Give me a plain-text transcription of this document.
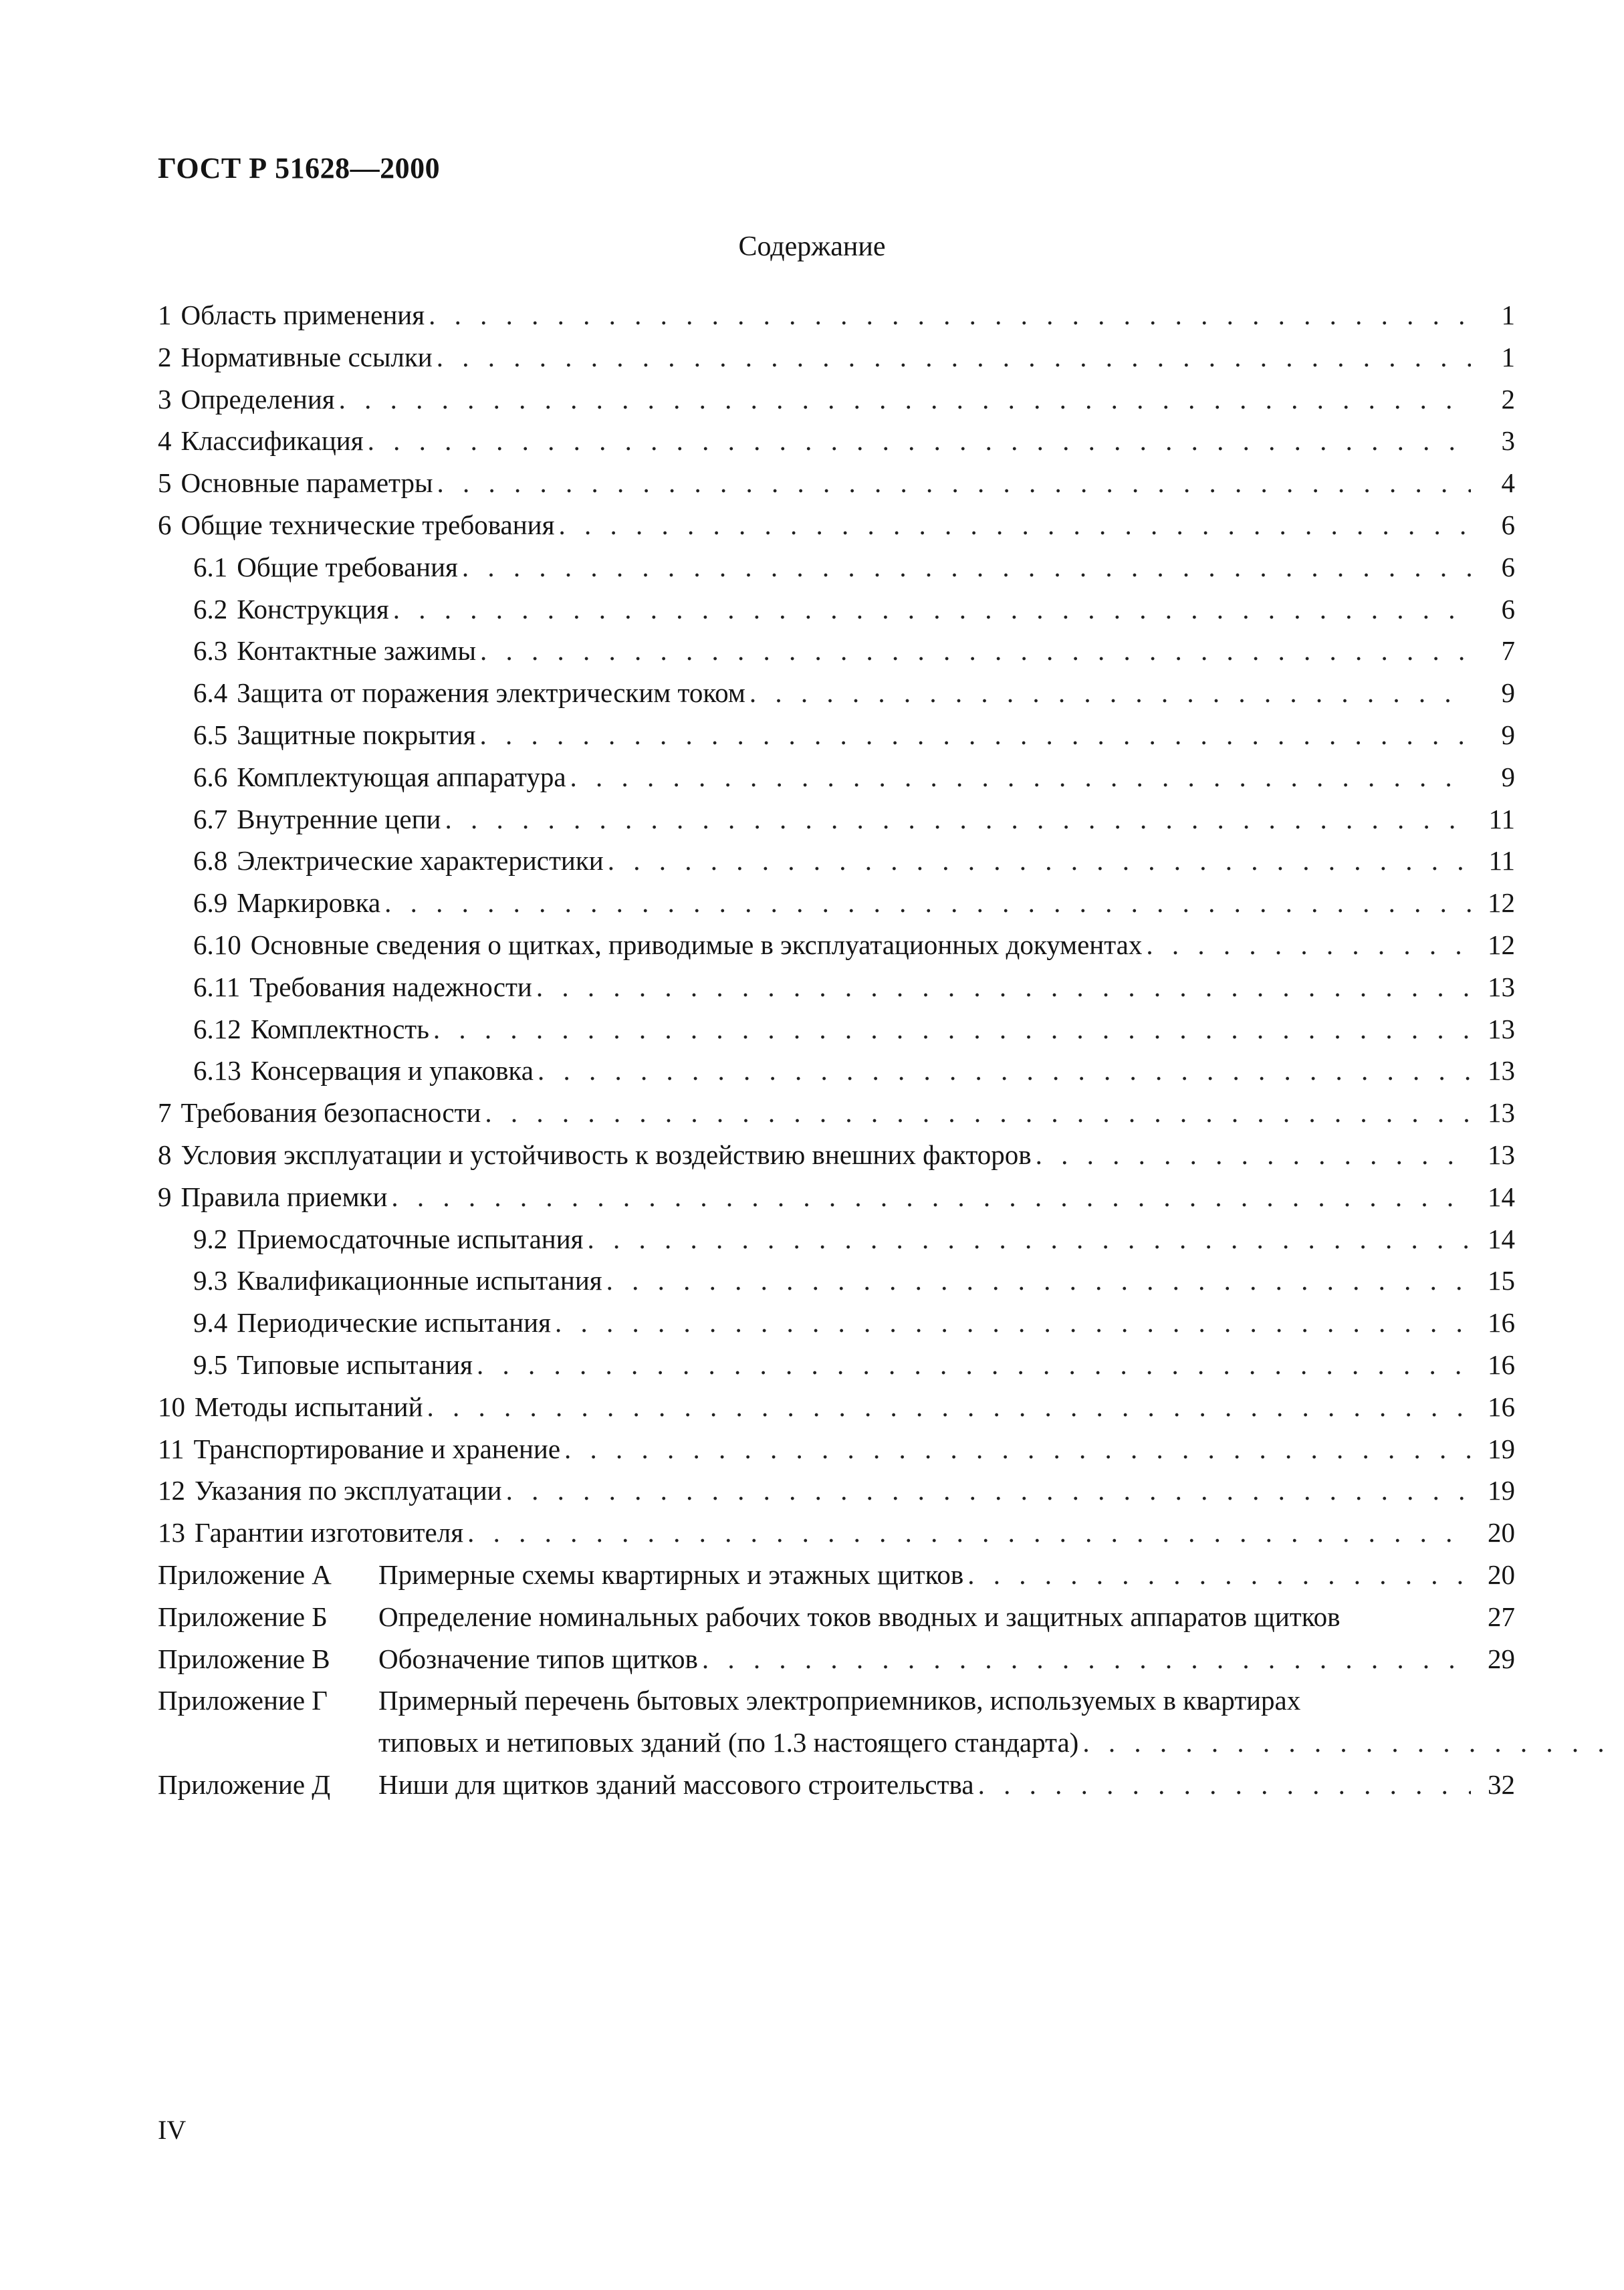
ГОСТ Р 51628—2000
Содержание
1 Область применения . . .	1
2 Нормативные ссылки . . .	1
3 Определения . . .	2
4 Классификация . . .	3
5 Основные параметры . . .	4
6 Общие технические требования . . .	6
6.1 Общие требования . . .	6
6.2 Конструкция . . .	6
6.3 Контактные зажимы . . .	7
6.4 Защита от поражения электрическим током . . .	9
6.5 Защитные покрытия . . .	9
6.6 Комплектующая аппаратура . . .	9
6.7 Внутренние цепи . . .	11
6.8 Электрические характеристики . . .	11
6.9 Маркировка . . .	12
6.10 Основные сведения о щитках, приводимые в эксплуатационных документах . . .	12
6.11 Требования надежности . . .	13
6.12 Комплектность . . .	13
6.13 Консервация и упаковка . . .	13
7 Требования безопасности . . .	13
8 Условия эксплуатации и устойчивость к воздействию внешних факторов . . .	13
9 Правила приемки . . .	14
9.2 Приемосдаточные испытания . . .	14
9.3 Квалификационные испытания . . .	15
9.4 Периодические испытания . . .	16
9.5 Типовые испытания . . .	16
10 Методы испытаний . . .	16
11 Транспортирование и хранение . . .	19
12 Указания по эксплуатации . . .	19
13 Гарантии изготовителя . . .	20
Приложение А	Примерные схемы квартирных и этажных щитков . . .	20
Приложение Б	Определение номинальных рабочих токов вводных и защитных аппаратов щитков	27
Приложение В	Обозначение типов щитков . . .	29
Приложение Г	Примерный перечень бытовых электроприемников, используемых в квартирах
типовых и нетиповых зданий (по 1.3 настоящего стандарта)
. . .
Приложение Д	Ниши для щитков зданий массового строительства . . .	32
IV
